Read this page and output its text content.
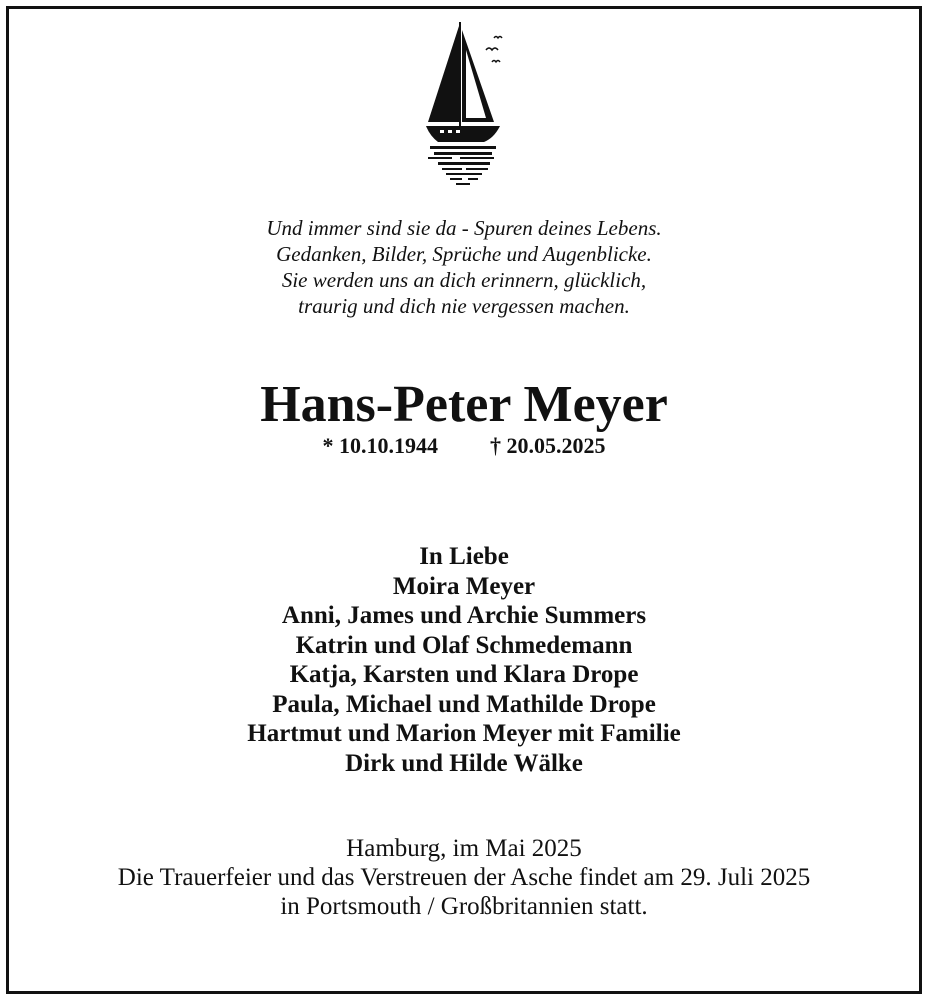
Und immer sind sie da - Spuren deines Lebens.
Gedanken, Bilder, Sprüche und Augenblicke.
Sie werden uns an dich erinnern, glücklich,
traurig und dich nie vergessen machen.
Hans-Peter Meyer
* 10.10.1944 † 20.05.2025
In Liebe
Moira Meyer
Anni, James und Archie Summers
Katrin und Olaf Schmedemann
Katja, Karsten und Klara Drope
Paula, Michael und Mathilde Drope
Hartmut und Marion Meyer mit Familie
Dirk und Hilde Wälke
Hamburg, im Mai 2025
Die Trauerfeier und das Verstreuen der Asche findet am 29. Juli 2025
in Portsmouth / Großbritannien statt.
